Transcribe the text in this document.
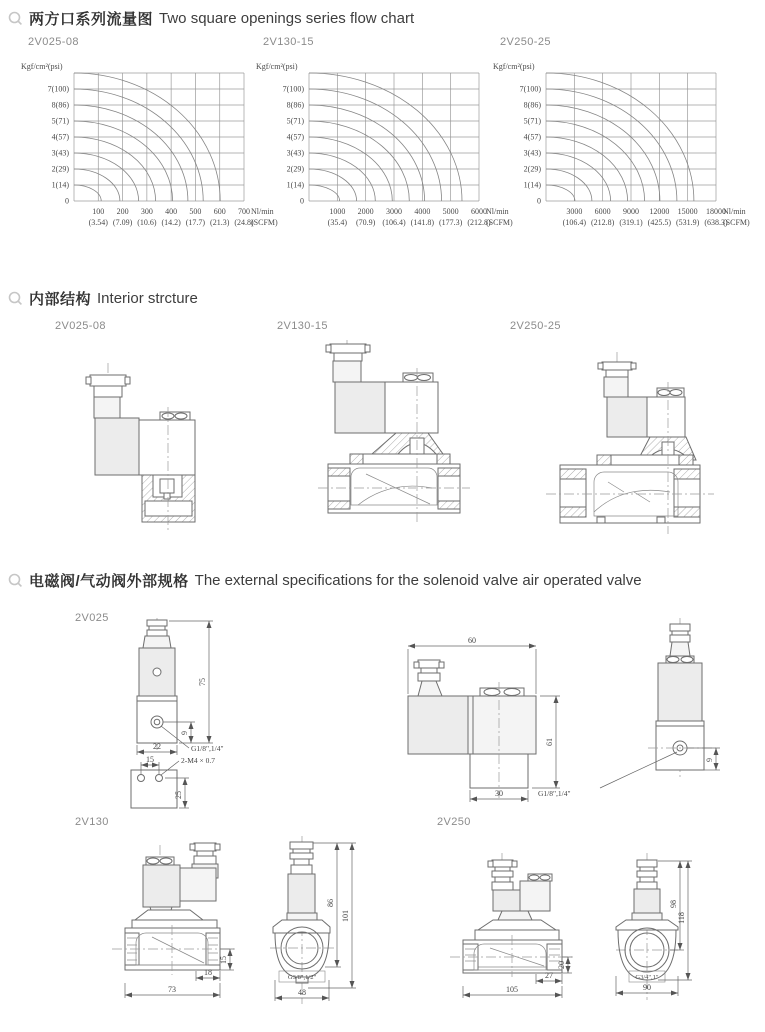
两方口系列流量图 Two square openings series flow chart
2V025-08
Kgf/cm²(psi)
7(100)
8(86)
5(71)
4(57)
3(43)
2(29)
1(14)
0
100
(3.54)
200
(7.09)
300
(10.6)
400
(14.2)
500
(17.7)
600
(21.3)
700
(24.8)
Nl/min
(SCFM)
2V130-15
Kgf/cm²(psi)
7(100)
8(86)
5(71)
4(57)
3(43)
2(29)
1(14)
0
1000
(35.4)
2000
(70.9)
3000
(106.4)
4000
(141.8)
5000
(177.3)
6000
(212.8)
Nl/min
(SCFM)
2V250-25
Kgf/cm²(psi)
7(100)
8(86)
5(71)
4(57)
3(43)
2(29)
1(14)
0
3000
(106.4)
6000
(212.8)
9000
(319.1)
12000
(425.5)
15000
(531.9)
18000
(638.3)
Nl/min
(SCFM)
内部结构 Interior strcture
2V025-08	2V130-15	2V250-25
电磁阀/气动阀外部规格 The external specifications for the solenoid valve air operated valve
2V025
2V130	2V250
75
9
22	G1/8",1/4"
15	2-M4 × 0.7
25
60
61
30
9
G1/8",1/4"
15
18
73
G3/8",1/2"
86
101
48
20
27
105
G3/4",1"
98
118
90
